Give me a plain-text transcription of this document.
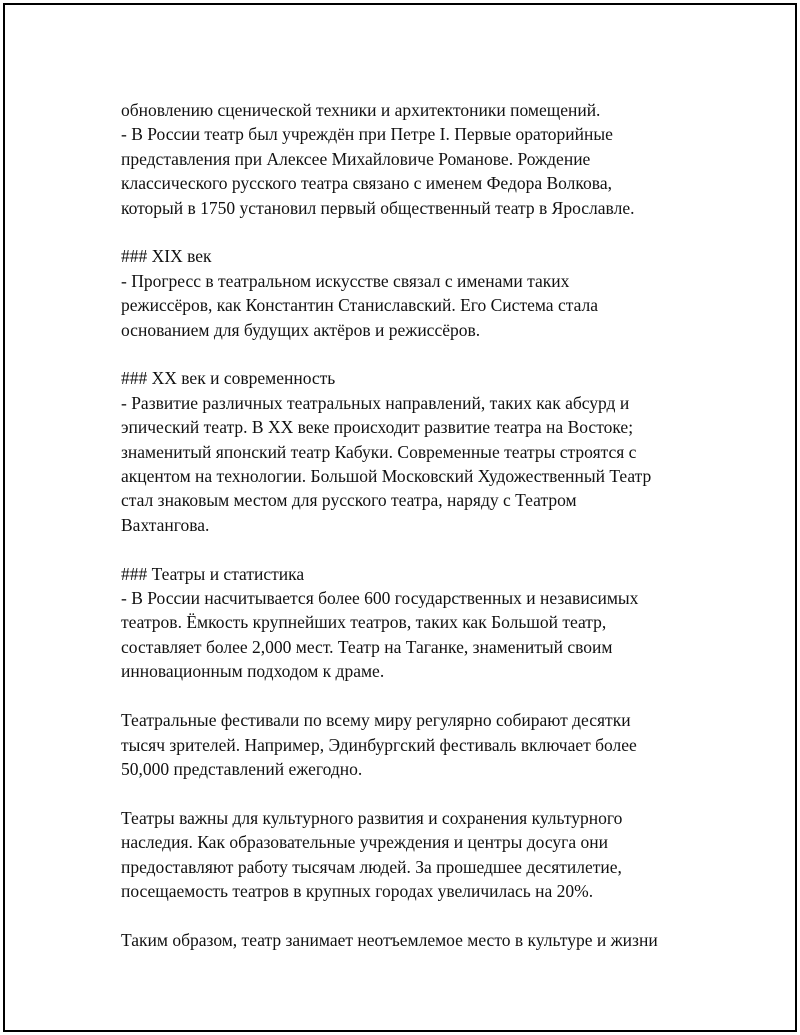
обновлению сценической техники и архитектоники помещений.
- В России театр был учреждён при Петре I. Первые ораторийные
представления при Алексее Михайловиче Романове. Рождение
классического русского театра связано с именем Федора Волкова,
который в 1750 установил первый общественный театр в Ярославле.
### XIX век
- Прогресс в театральном искусстве связал с именами таких
режиссёров, как Константин Станиславский. Его Система стала
основанием для будущих актёров и режиссёров.
### XX век и современность
- Развитие различных театральных направлений, таких как абсурд и
эпический театр. В XX веке происходит развитие театра на Востоке;
знаменитый японский театр Кабуки. Современные театры строятся с
акцентом на технологии. Большой Московский Художественный Театр
стал знаковым местом для русского театра, наряду с Театром
Вахтангова.
### Театры и статистика
- В России насчитывается более 600 государственных и независимых
театров. Ёмкость крупнейших театров, таких как Большой театр,
составляет более 2,000 мест. Театр на Таганке, знаменитый своим
инновационным подходом к драме.
Театральные фестивали по всему миру регулярно собирают десятки
тысяч зрителей. Например, Эдинбургский фестиваль включает более
50,000 представлений ежегодно.
Театры важны для культурного развития и сохранения культурного
наследия. Как образовательные учреждения и центры досуга они
предоставляют работу тысячам людей. За прошедшее десятилетие,
посещаемость театров в крупных городах увеличилась на 20%.
Таким образом, театр занимает неотъемлемое место в культуре и жизни
